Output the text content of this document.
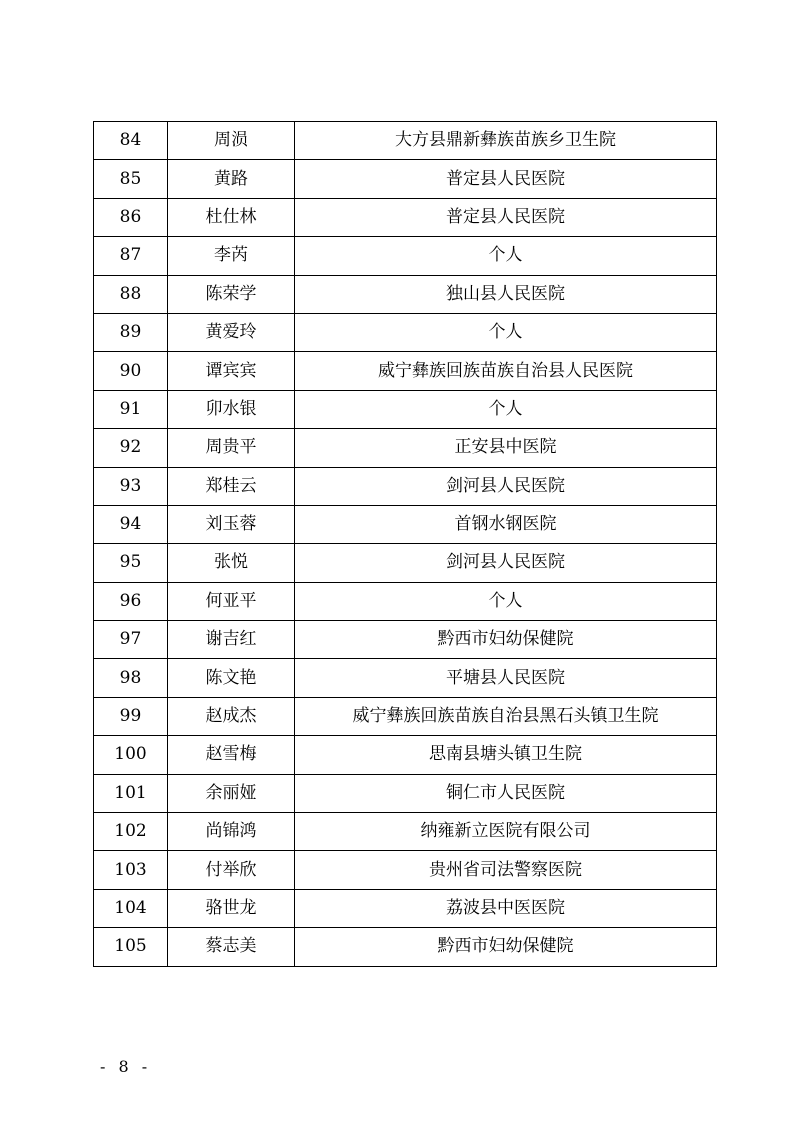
84	周涢	大方县鼎新彝族苗族乡卫生院
85	黄路	普定县人民医院
86	杜仕林	普定县人民医院
87	李芮	个人
88	陈荣学	独山县人民医院
89	黄爱玲	个人
90	谭宾宾	威宁彝族回族苗族自治县人民医院
91	卯水银	个人
92	周贵平	正安县中医院
93	郑桂云	剑河县人民医院
94	刘玉蓉	首钢水钢医院
95	张悦	剑河县人民医院
96	何亚平	个人
97	谢吉红	黔西市妇幼保健院
98	陈文艳	平塘县人民医院
99	赵成杰	威宁彝族回族苗族自治县黑石头镇卫生院
100	赵雪梅	思南县塘头镇卫生院
101	余丽娅	铜仁市人民医院
102	尚锦鸿	纳雍新立医院有限公司
103	付举欣	贵州省司法警察医院
104	骆世龙	荔波县中医医院
105	蔡志美	黔西市妇幼保健院
- 8 -
